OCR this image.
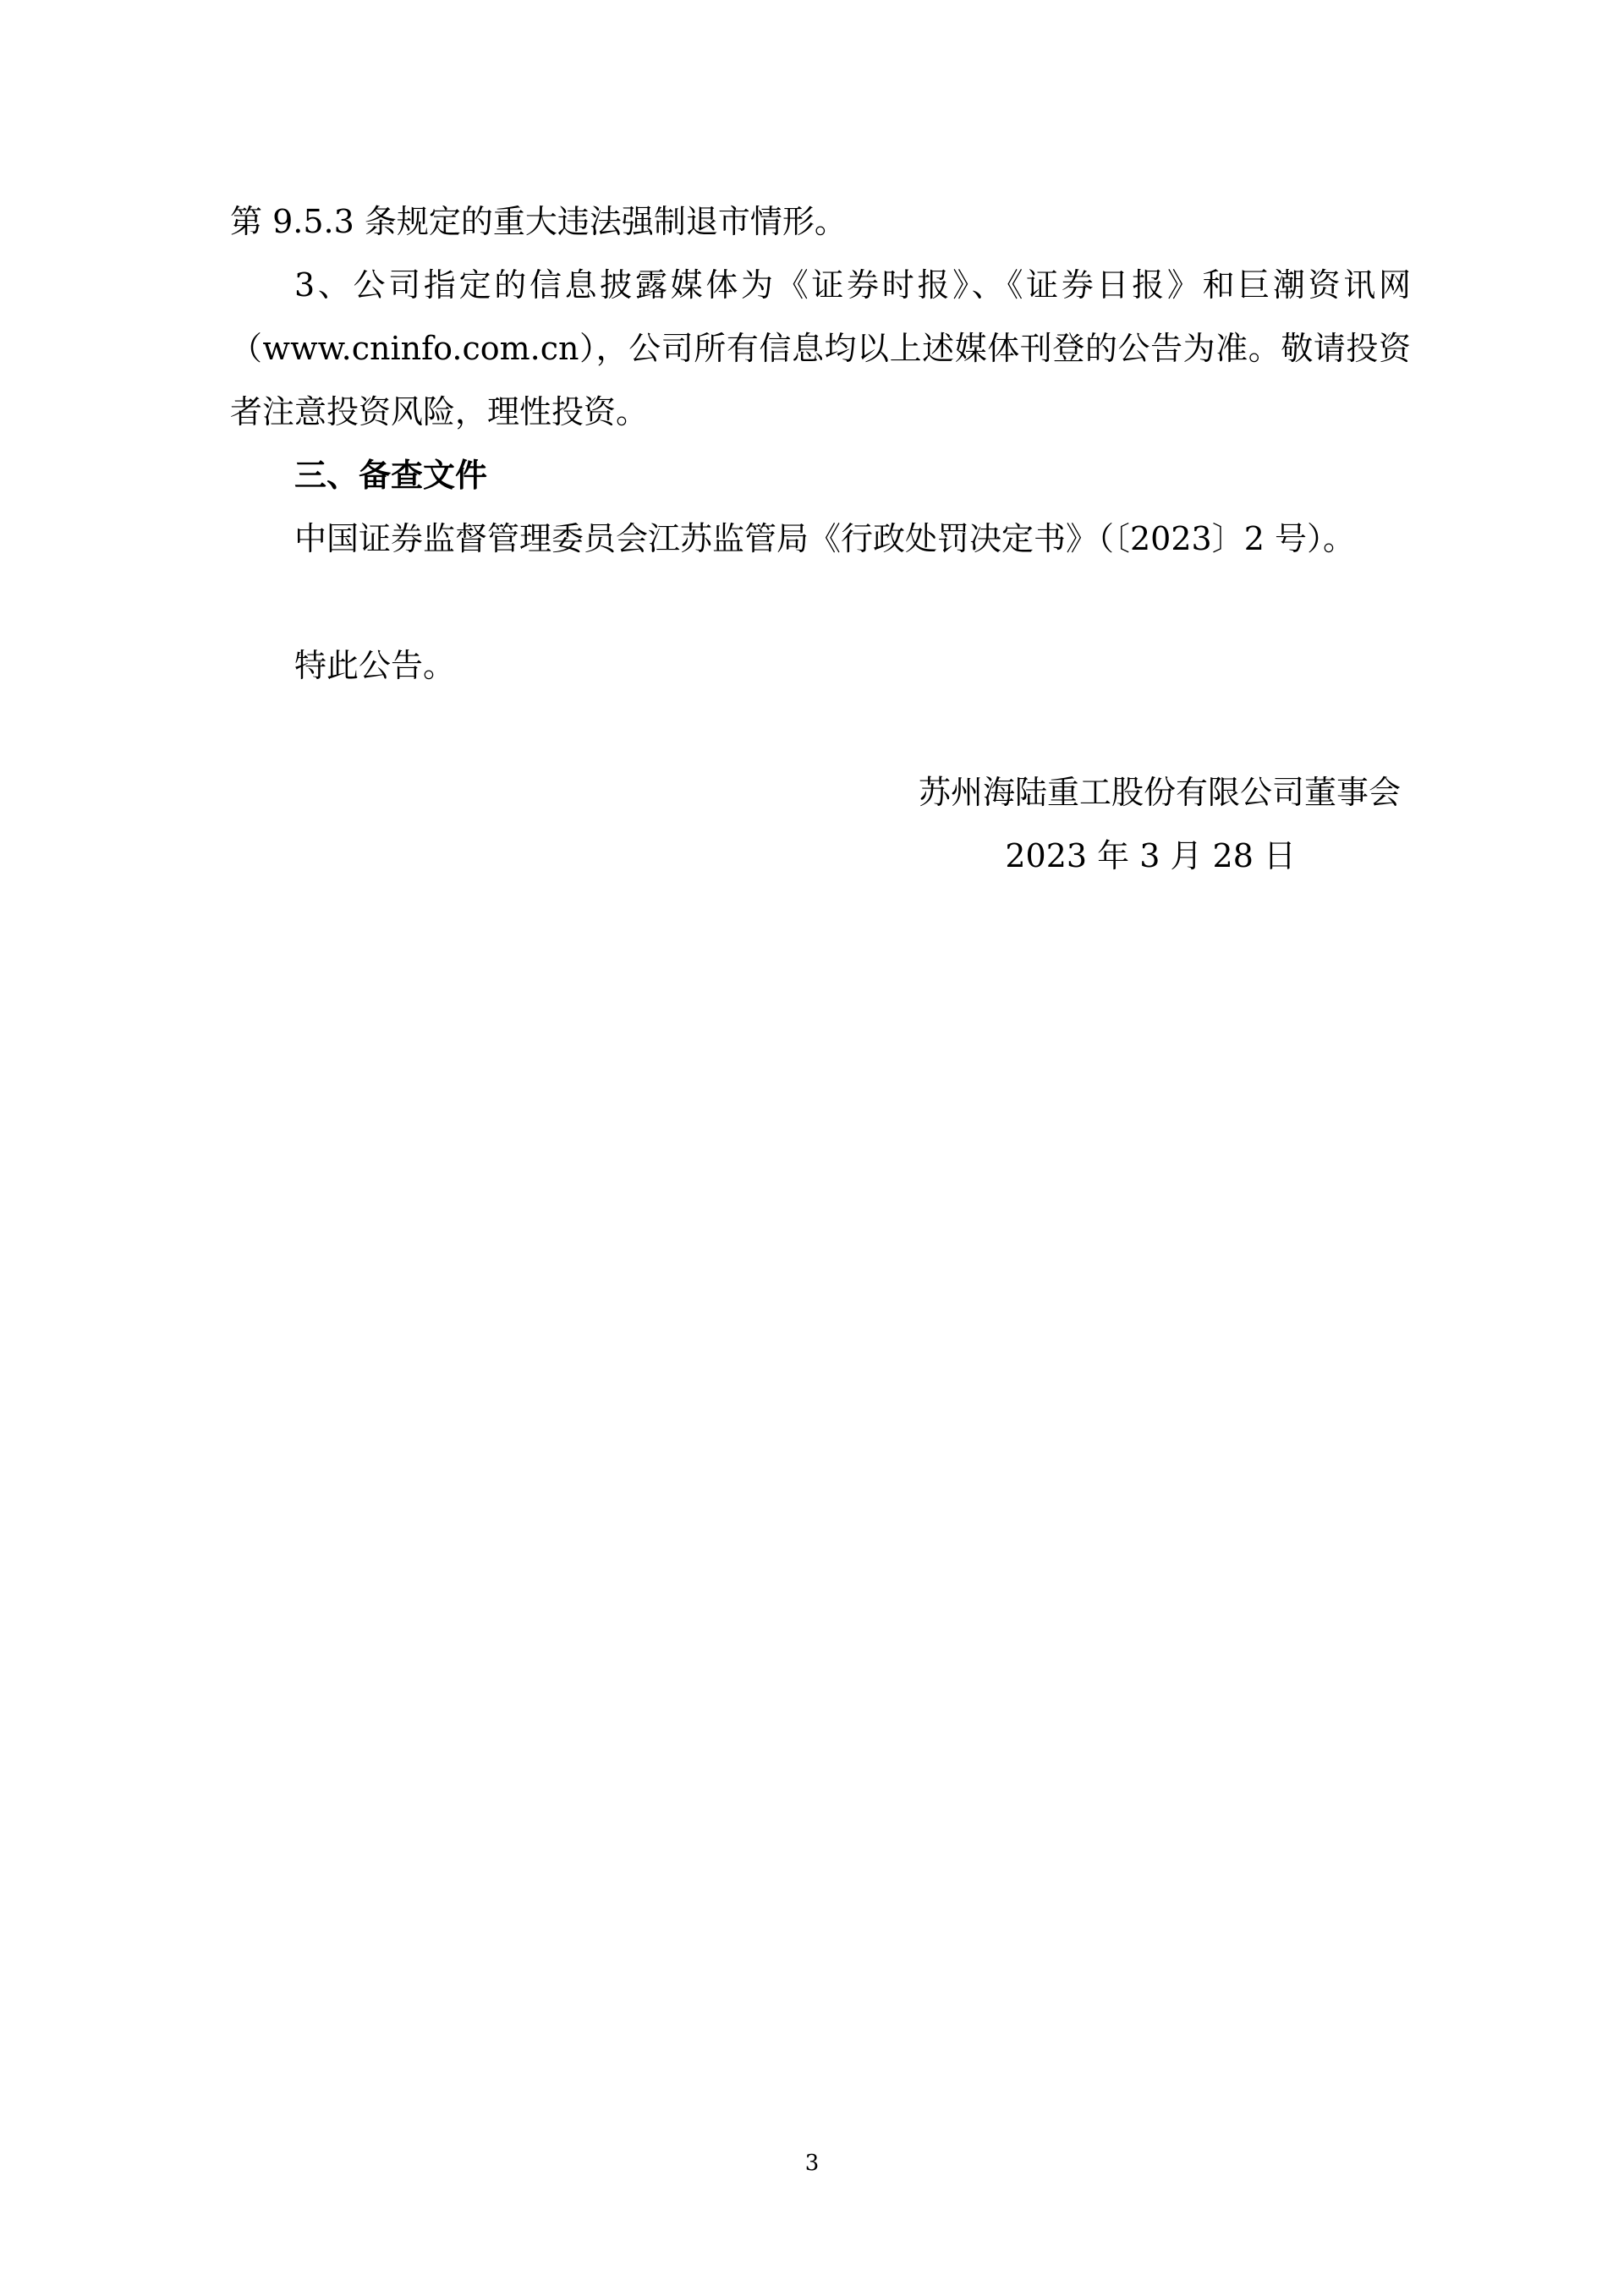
第 9.5.3 条规定的重大违法强制退市情形。

3、公司指定的信息披露媒体为《证券时报》、《证券日报》和巨潮资讯网

（www.cninfo.com.cn），公司所有信息均以上述媒体刊登的公告为准。敬请投资

者注意投资风险，理性投资。

三、备查文件

中国证券监督管理委员会江苏监管局《行政处罚决定书》（〔2023〕2 号）。

特此公告。

苏州海陆重工股份有限公司董事会

2023 年 3 月 28 日

3
